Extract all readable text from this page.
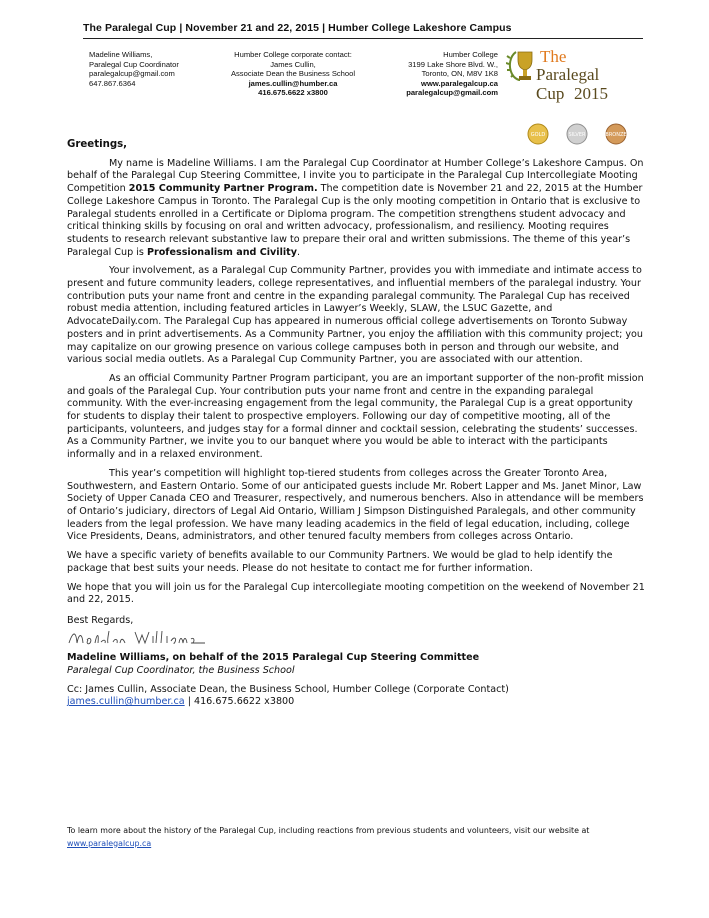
The Paralegal Cup | November 21 and 22, 2015 | Humber College Lakeshore Campus
Madeline Williams,
Paralegal Cup Coordinator
paralegalcup@gmail.com
647.867.6364
Humber College corporate contact:
James Cullin,
Associate Dean the Business School
james.cullin@humber.ca
416.675.6622 x3800
Humber College
3199 Lake Shore Blvd. W.,
Toronto, ON, M8V 1K8
www.paralegalcup.ca
paralegalcup@gmail.com
The
Paralegal
Cup 2015
GOLD	SILVER	BRONZE
Greetings,

My name is Madeline Williams. I am the Paralegal Cup Coordinator at Humber College’s Lakeshore Campus. On behalf of the Paralegal Cup Steering Committee, I invite you to participate in the Paralegal Cup Intercollegiate Mooting Competition 2015 Community Partner Program. The competition date is November 21 and 22, 2015 at the Humber College Lakeshore Campus in Toronto. The Paralegal Cup is the only mooting competition in Ontario that is exclusive to Paralegal students enrolled in a Certificate or Diploma program. The competition strengthens student advocacy and critical thinking skills by focusing on oral and written advocacy, professionalism, and resiliency. Mooting requires students to research relevant substantive law to prepare their oral and written submissions. The theme of this year’s Paralegal Cup is Professionalism and Civility.

Your involvement, as a Paralegal Cup Community Partner, provides you with immediate and intimate access to present and future community leaders, college representatives, and influential members of the paralegal industry. Your contribution puts your name front and centre in the expanding paralegal community. The Paralegal Cup has received robust media attention, including featured articles in Lawyer’s Weekly, SLAW, the LSUC Gazette, and AdvocateDaily.com. The Paralegal Cup has appeared in numerous official college advertisements on Toronto Subway posters and in print advertisements. As a Community Partner, you enjoy the affiliation with this community project; you may capitalize on our growing presence on various college campuses both in person and through our website, and various social media outlets. As a Paralegal Cup Community Partner, you are associated with our attention.

As an official Community Partner Program participant, you are an important supporter of the non-profit mission and goals of the Paralegal Cup. Your contribution puts your name front and centre in the expanding paralegal community. With the ever-increasing engagement from the legal community, the Paralegal Cup is a great opportunity for students to display their talent to prospective employers. Following our day of competitive mooting, all of the participants, volunteers, and judges stay for a formal dinner and cocktail session, celebrating the students’ successes. As a Community Partner, we invite you to our banquet where you would be able to interact with the participants informally and in a relaxed environment.

This year’s competition will highlight top-tiered students from colleges across the Greater Toronto Area, Southwestern, and Eastern Ontario. Some of our anticipated guests include Mr. Robert Lapper and Ms. Janet Minor, Law Society of Upper Canada CEO and Treasurer, respectively, and numerous benchers. Also in attendance will be members of Ontario’s judiciary, directors of Legal Aid Ontario, William J Simpson Distinguished Paralegals, and other community leaders from the legal profession. We have many leading academics in the field of legal education, including, college Vice Presidents, Deans, administrators, and other tenured faculty members from colleges across Ontario.

We have a specific variety of benefits available to our Community Partners. We would be glad to help identify the package that best suits your needs. Please do not hesitate to contact me for further information.

We hope that you will join us for the Paralegal Cup intercollegiate mooting competition on the weekend of November 21 and 22, 2015.

Best Regards,
Madeline Williams, on behalf of the 2015 Paralegal Cup Steering Committee
Paralegal Cup Coordinator, the Business School
Cc: James Cullin, Associate Dean, the Business School, Humber College (Corporate Contact)
james.cullin@humber.ca | 416.675.6622 x3800
To learn more about the history of the Paralegal Cup, including reactions from previous students and volunteers, visit our website at www.paralegalcup.ca
